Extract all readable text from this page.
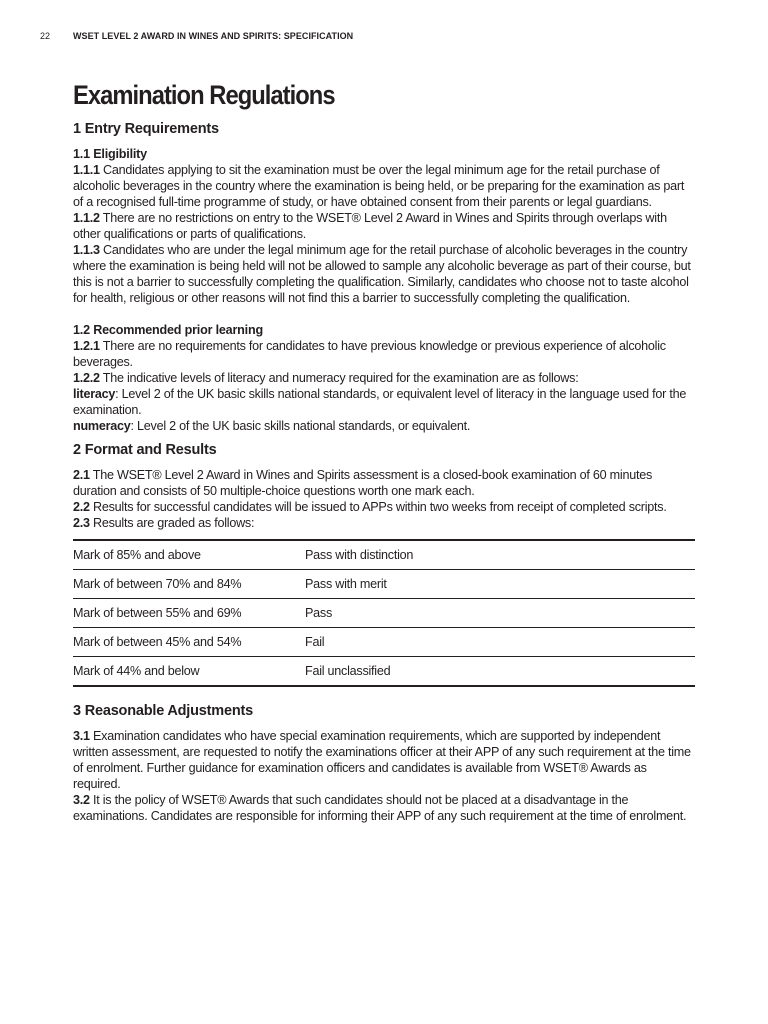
22	WSET LEVEL 2 AWARD IN WINES AND SPIRITS: SPECIFICATION
Examination Regulations
1 Entry Requirements

1.1 Eligibility

1.1.1 Candidates applying to sit the examination must be over the legal minimum age for the retail purchase of alcoholic beverages in the country where the examination is being held, or be preparing for the examination as part of a recognised full-time programme of study, or have obtained consent from their parents or legal guardians.

1.1.2 There are no restrictions on entry to the WSET® Level 2 Award in Wines and Spirits through overlaps with other qualifications or parts of qualifications.

1.1.3 Candidates who are under the legal minimum age for the retail purchase of alcoholic beverages in the country where the examination is being held will not be allowed to sample any alcoholic beverage as part of their course, but this is not a barrier to successfully completing the qualification. Similarly, candidates who choose not to taste alcohol for health, religious or other reasons will not find this a barrier to successfully completing the qualification.

1.2 Recommended prior learning

1.2.1 There are no requirements for candidates to have previous knowledge or previous experience of alcoholic beverages.

1.2.2 The indicative levels of literacy and numeracy required for the examination are as follows:

literacy: Level 2 of the UK basic skills national standards, or equivalent level of literacy in the language used for the examination.

numeracy: Level 2 of the UK basic skills national standards, or equivalent.

2 Format and Results

2.1 The WSET® Level 2 Award in Wines and Spirits assessment is a closed-book examination of 60 minutes duration and consists of 50 multiple-choice questions worth one mark each.

2.2 Results for successful candidates will be issued to APPs within two weeks from receipt of completed scripts.

2.3 Results are graded as follows:

Mark of 85% and above	Pass with distinction
Mark of between 70% and 84%	Pass with merit
Mark of between 55% and 69%	Pass
Mark of between 45% and 54%	Fail
Mark of 44% and below	Fail unclassified
3 Reasonable Adjustments

3.1 Examination candidates who have special examination requirements, which are supported by independent written assessment, are requested to notify the examinations officer at their APP of any such requirement at the time of enrolment. Further guidance for examination officers and candidates is available from WSET® Awards as required.

3.2 It is the policy of WSET® Awards that such candidates should not be placed at a disadvantage in the examinations. Candidates are responsible for informing their APP of any such requirement at the time of enrolment.
